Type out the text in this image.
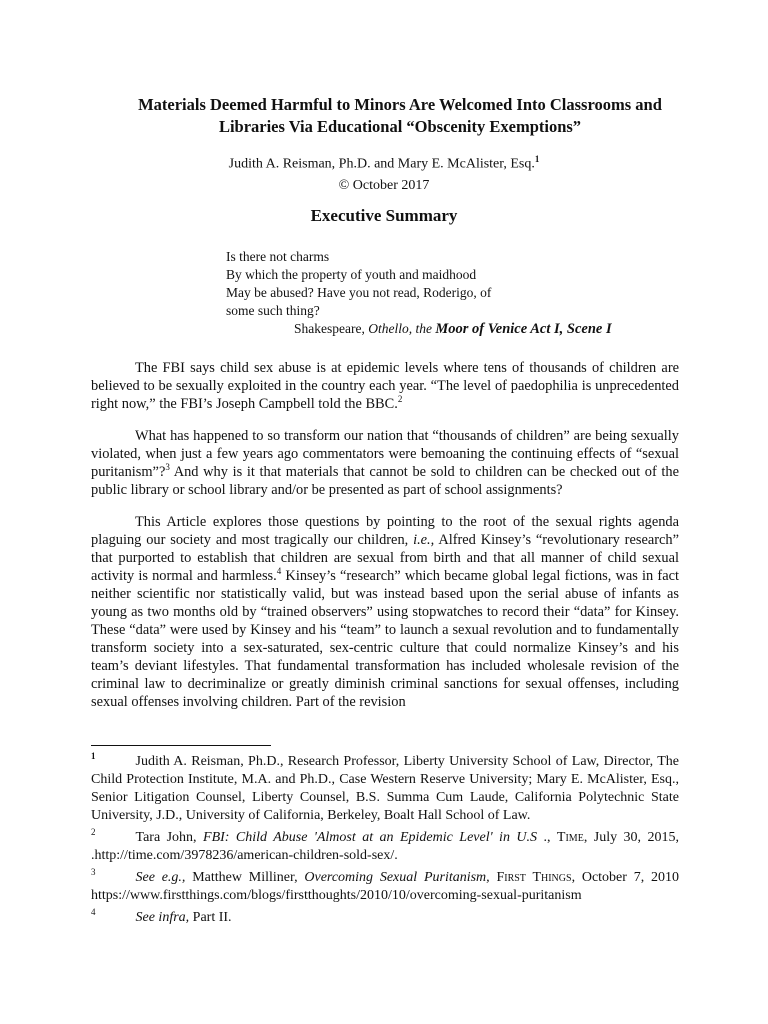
Materials Deemed Harmful to Minors Are Welcomed Into Classrooms and
Libraries Via Educational “Obscenity Exemptions”
Judith A. Reisman, Ph.D. and Mary E. McAlister, Esq.$^1$
© October 2017
Executive Summary
Is there not charms
By which the property of youth and maidhood
May be abused? Have you not read, Roderigo, of
some such thing?
Shakespeare, Othello, the Moor of Venice Act I, Scene I

The FBI says child sex abuse is at epidemic levels where tens of thousands of children are believed to be sexually exploited in the country each year. “The level of paedophilia is unprecedented right now,” the FBI’s Joseph Campbell told the BBC.$^2$

What has happened to so transform our nation that “thousands of children” are being sexually violated, when just a few years ago commentators were bemoaning the continuing effects of “sexual puritanism”?$^3$ And why is it that materials that cannot be sold to children can be checked out of the public library or school library and/or be presented as part of school assignments?

This Article explores those questions by pointing to the root of the sexual rights agenda plaguing our society and most tragically our children, i.e., Alfred Kinsey’s “revolutionary research” that purported to establish that children are sexual from birth and that all manner of child sexual activity is normal and harmless.$^4$ Kinsey’s “research” which became global legal fictions, was in fact neither scientific nor statistically valid, but was instead based upon the serial abuse of infants as young as two months old by “trained observers” using stopwatches to record their “data” for Kinsey. These “data” were used by Kinsey and his “team” to launch a sexual revolution and to fundamentally transform society into a sex-saturated, sex-centric culture that could normalize Kinsey’s and his team’s deviant lifestyles. That fundamental transformation has included wholesale revision of the criminal law to decriminalize or greatly diminish criminal sanctions for sexual offenses, including sexual offenses involving children. Part of the revision

$^1$	Judith A. Reisman, Ph.D., Research Professor, Liberty University School of Law, Director, The Child Protection Institute, M.A. and Ph.D., Case Western Reserve University; Mary E. McAlister, Esq., Senior Litigation Counsel, Liberty Counsel, B.S. Summa Cum Laude, California Polytechnic State University, J.D., University of California, Berkeley, Boalt Hall School of Law.
$^2$	Tara John, FBI: Child Abuse 'Almost at an Epidemic Level' in U.S ., Time, July 30, 2015, .http://time.com/3978236/american-children-sold-sex/.
$^3$	See e.g., Matthew Milliner, Overcoming Sexual Puritanism, First Things, October 7, 2010 https://www.firstthings.com/blogs/firstthoughts/2010/10/overcoming-sexual-puritanism
$^4$	See infra, Part II.
